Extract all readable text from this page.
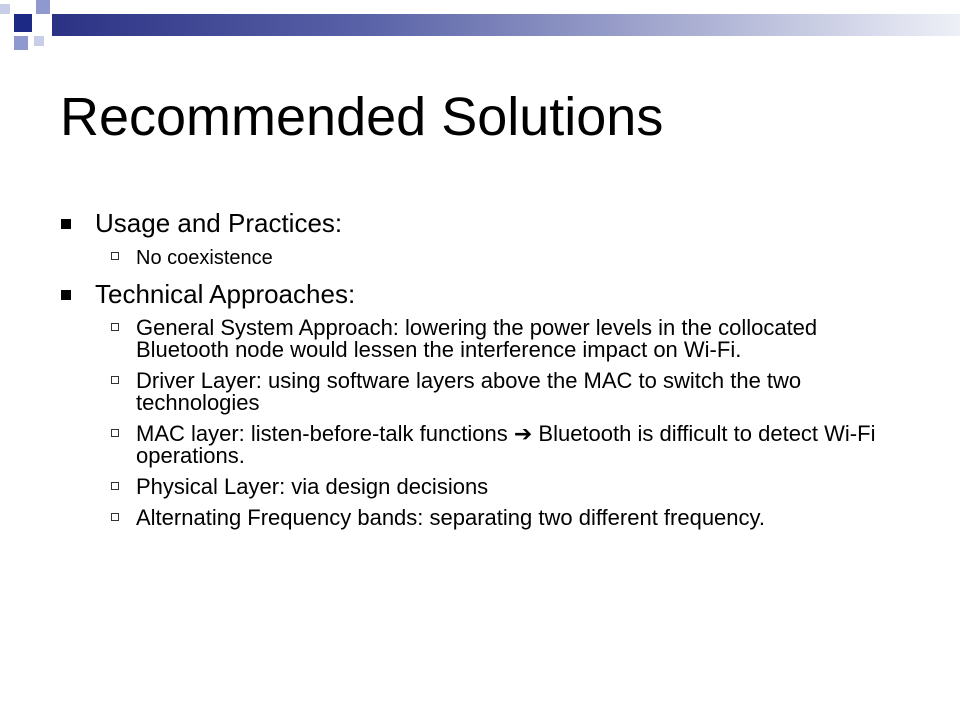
Recommended Solutions
Usage and Practices:
No coexistence
Technical Approaches:
General System Approach: lowering the power levels in the collocated Bluetooth node would lessen the interference impact on Wi-Fi.
Driver Layer: using software layers above the MAC to switch the two technologies
MAC layer: listen-before-talk functions ➔ Bluetooth is difficult to detect Wi-Fi operations.
Physical Layer: via design decisions
Alternating Frequency bands: separating two different frequency.
